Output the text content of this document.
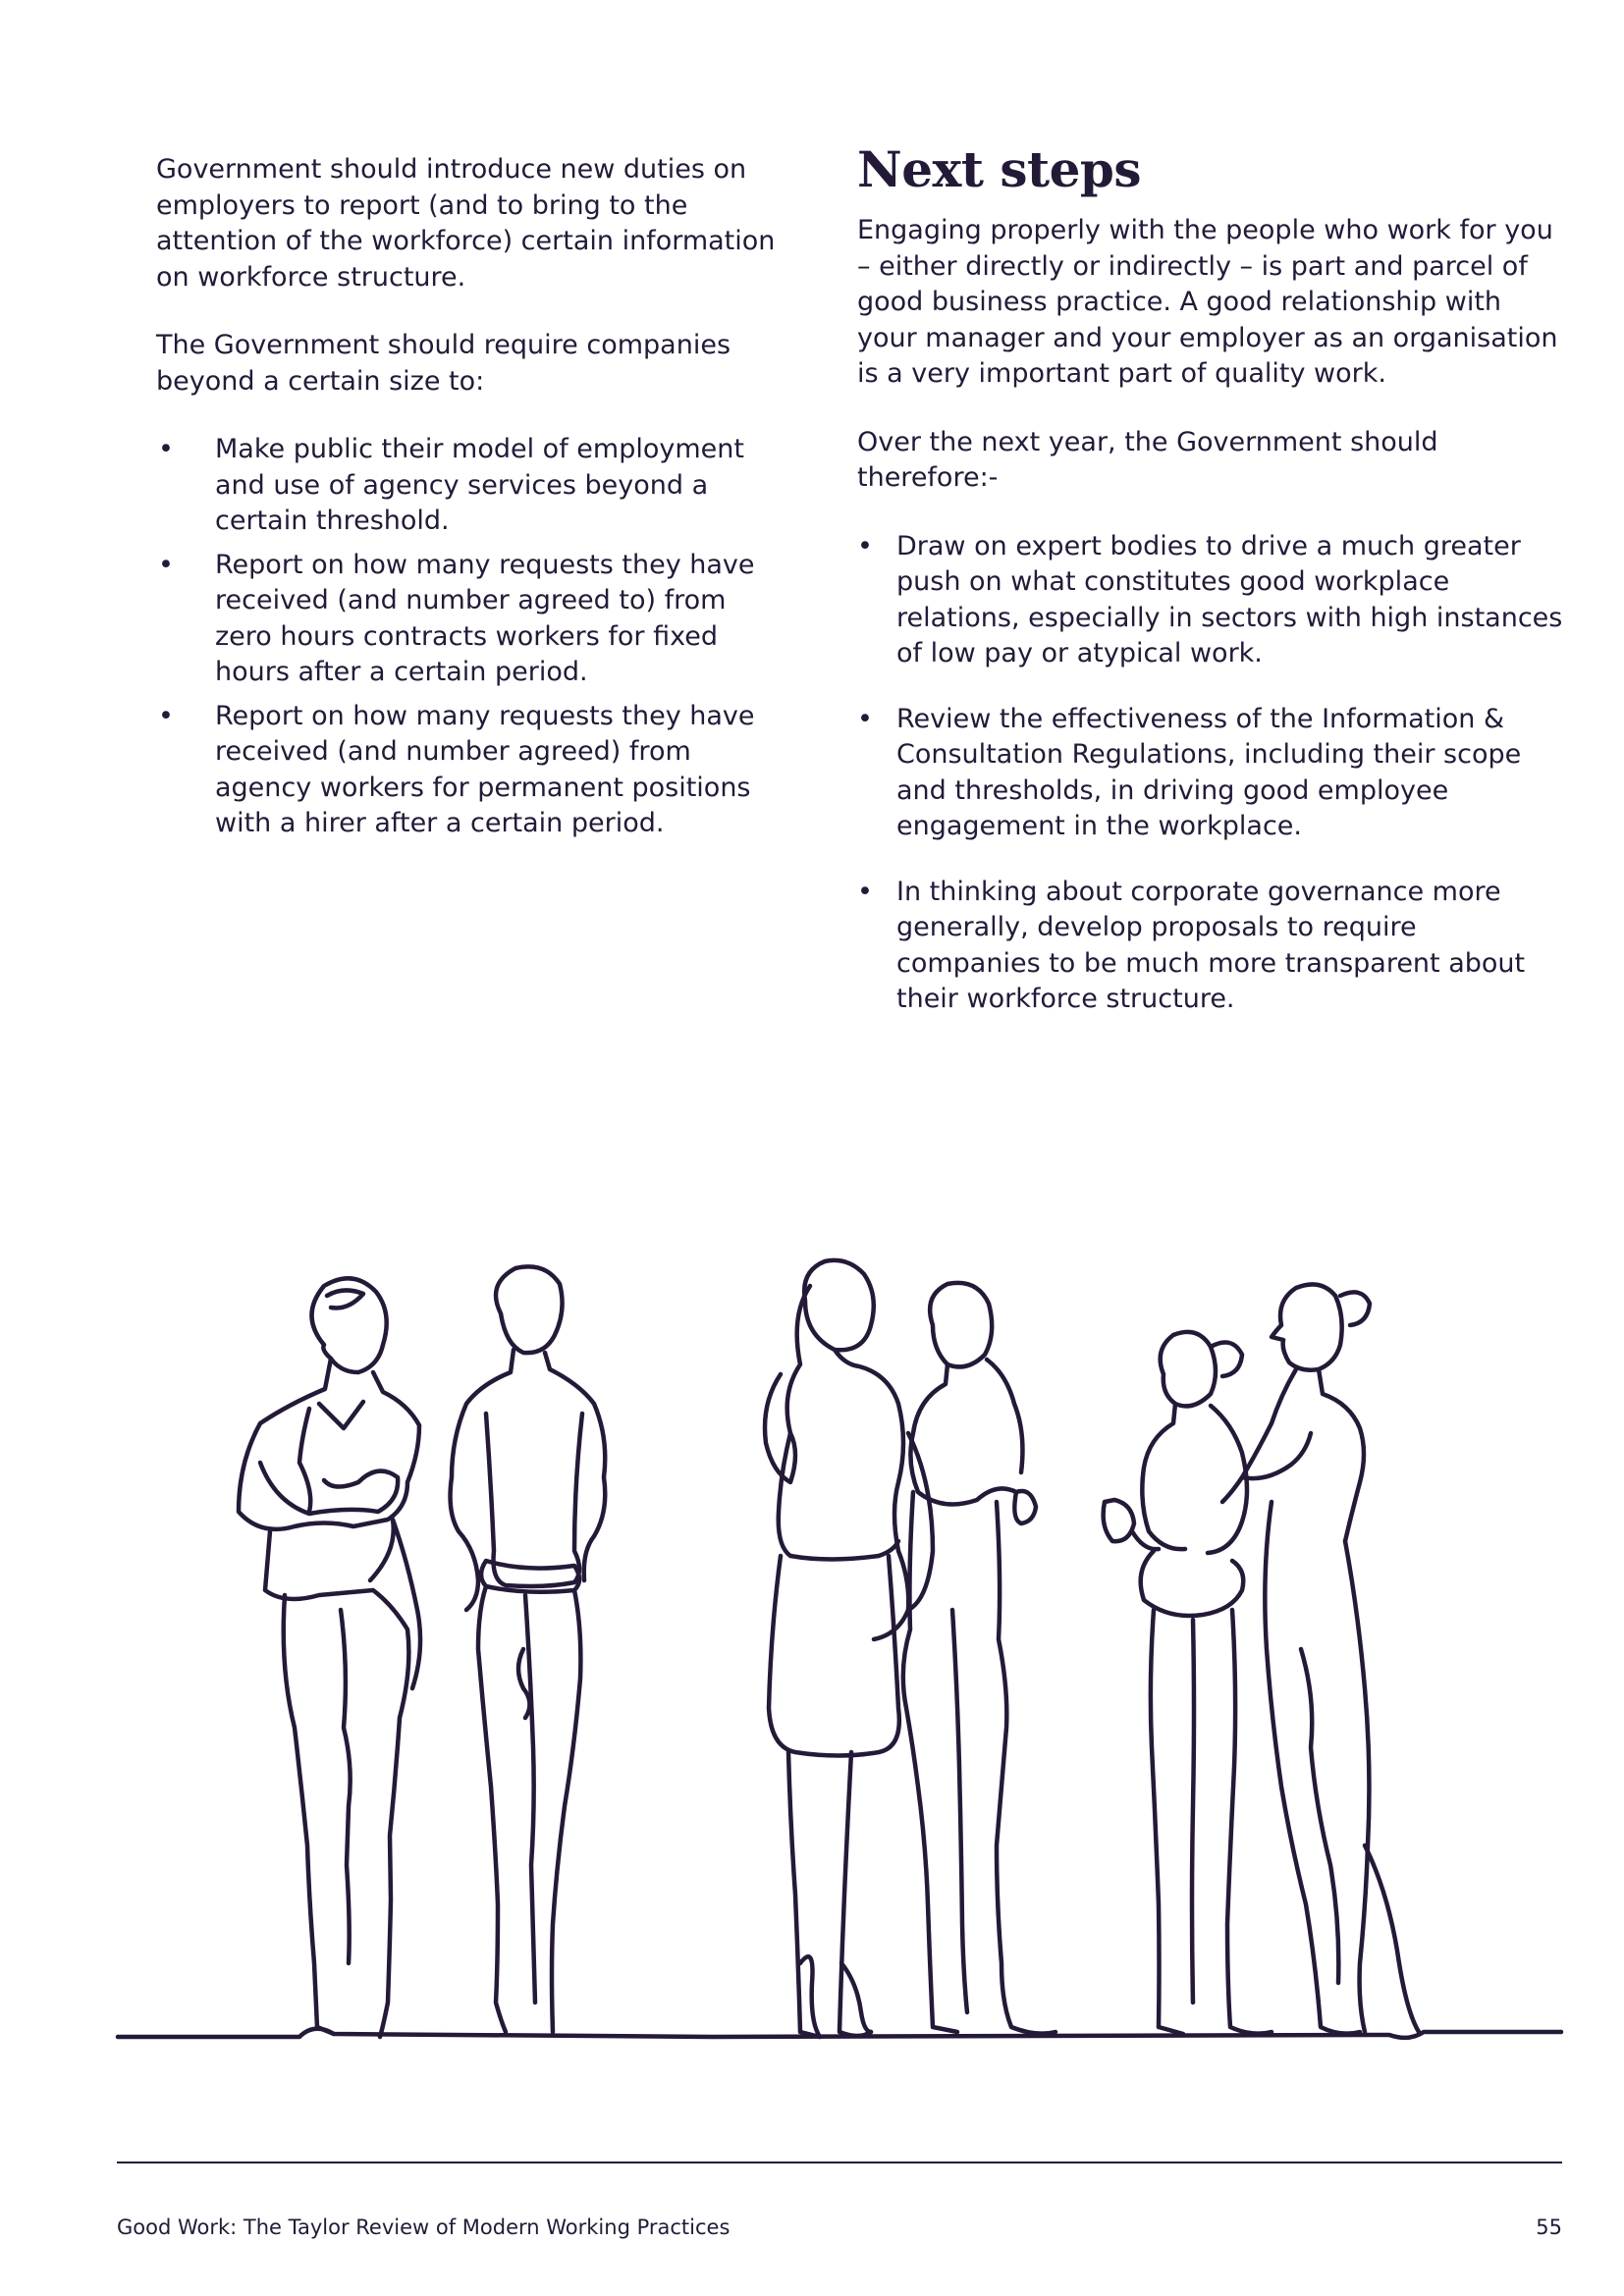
Government should introduce new duties on employers to report (and to bring to the attention of the workforce) certain information on workforce structure.

The Government should require companies beyond a certain size to:

• Make public their model of employment and use of agency services beyond a certain threshold.
• Report on how many requests they have received (and number agreed to) from zero hours contracts workers for fixed hours after a certain period.
• Report on how many requests they have received (and number agreed) from agency workers for permanent positions with a hirer after a certain period.
Next steps

Engaging properly with the people who work for you – either directly or indirectly – is part and parcel of good business practice. A good relationship with your manager and your employer as an organisation is a very important part of quality work.

Over the next year, the Government should therefore:-

• Draw on expert bodies to drive a much greater push on what constitutes good workplace relations, especially in sectors with high instances of low pay or atypical work.
• Review the effectiveness of the Information & Consultation Regulations, including their scope and thresholds, in driving good employee engagement in the workplace.
• In thinking about corporate governance more generally, develop proposals to require companies to be much more transparent about their workforce structure.
Good Work: The Taylor Review of Modern Working Practices	55
